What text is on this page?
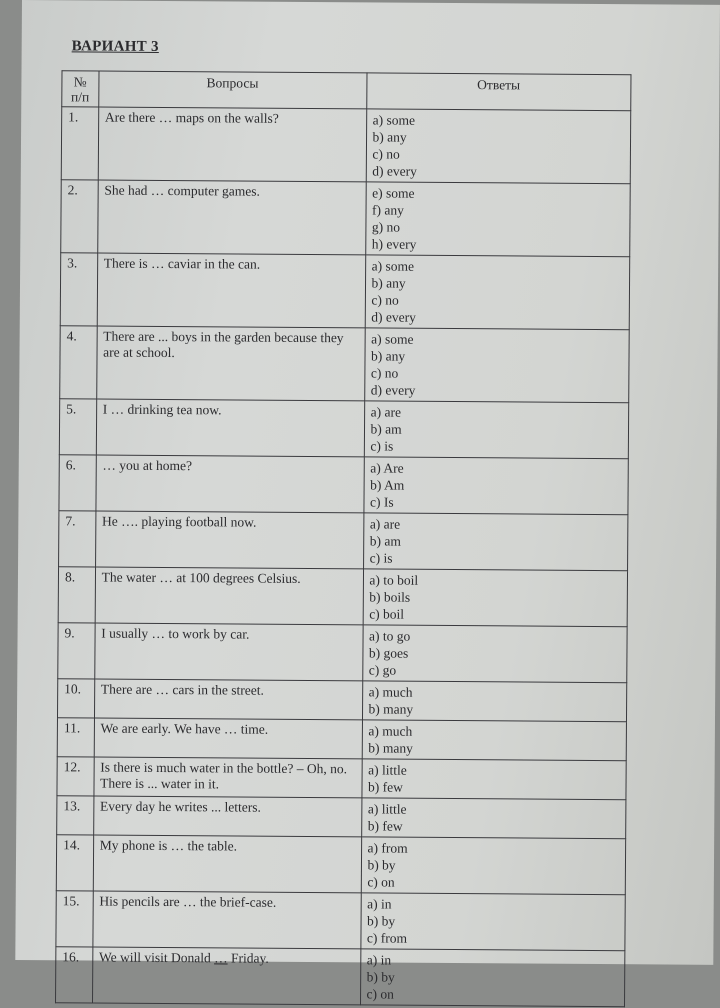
ВАРИАНТ 3
№
п/п	Вопросы	Ответы
1.	Are there … maps on the walls?	a) some
b) any
c) no
d) every

2.	She had … computer games.	e) some
f) any
g) no
h) every

3.	There is … caviar in the can.	a) some
b) any
c) no
d) every

4.	There are ... boys in the garden because they are at school.	a) some
b) any
c) no
d) every

5.	I … drinking tea now.	a) are
b) am
c) is

6.	… you at home?	a) Are
b) Am
c) Is

7.	He …. playing football now.	a) are
b) am
c) is

8.	The water … at 100 degrees Celsius.	a) to boil
b) boils
c) boil

9.	I usually … to work by car.	a) to go
b) goes
c) go

10.	There are … cars in the street.	a) much
b) many

11.	We are early. We have … time.	a) much
b) many

12.	Is there is much water in the bottle? – Oh, no. There is ... water in it.	a) little
b) few

13.	Every day he writes ... letters.	a) little
b) few

14.	My phone is … the table.	a) from
b) by
c) on

15.	His pencils are … the brief-case.	a) in
b) by
c) from

16.	We will visit Donald … Friday.	a) in
b) by
c) on
